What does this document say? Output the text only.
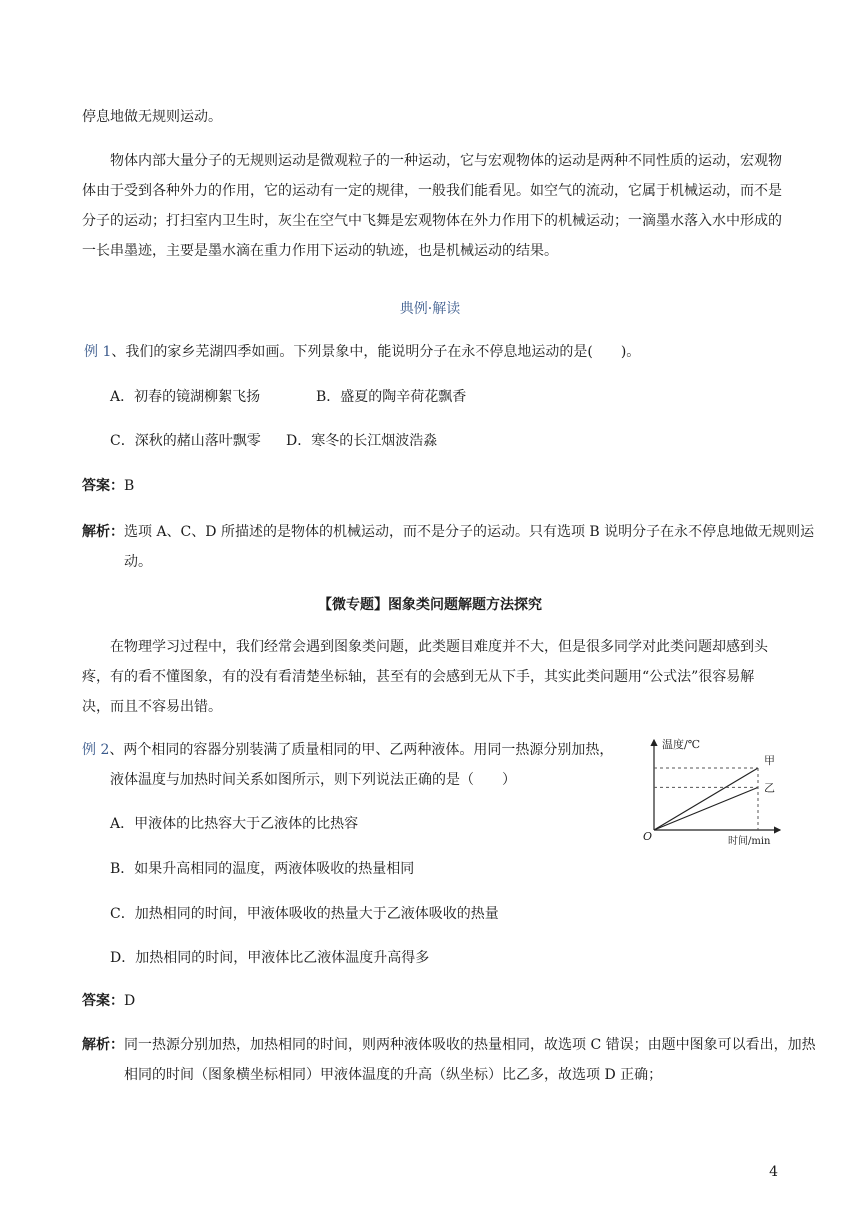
停息地做无规则运动。

物体内部大量分子的无规则运动是微观粒子的一种运动，它与宏观物体的运动是两种不同性质的运动，宏观物体由于受到各种外力的作用，它的运动有一定的规律，一般我们能看见。如空气的流动，它属于机械运动，而不是分子的运动；打扫室内卫生时，灰尘在空气中飞舞是宏观物体在外力作用下的机械运动；一滴墨水落入水中形成的一长串墨迹，主要是墨水滴在重力作用下运动的轨迹，也是机械运动的结果。

典例·解读

例 1、我们的家乡芜湖四季如画。下列景象中，能说明分子在永不停息地运动的是(　　)。
A．初春的镜湖柳絮飞扬	B．盛夏的陶辛荷花飘香
C．深秋的赭山落叶飘零 D．寒冬的长江烟波浩淼
答案：B

解析：选项 A、C、D 所描述的是物体的机械运动，而不是分子的运动。只有选项 B 说明分子在永不停息地做无规则运动。

【微专题】图象类问题解题方法探究

在物理学习过程中，我们经常会遇到图象类问题，此类题目难度并不大，但是很多同学对此类问题却感到头疼，有的看不懂图象，有的没有看清楚坐标轴，甚至有的会感到无从下手，其实此类问题用“公式法”很容易解决，而且不容易出错。

例 2、两个相同的容器分别装满了质量相同的甲、乙两种液体。用同一热源分别加热，
液体温度与加热时间关系如图所示，则下列说法正确的是（　　）
A．甲液体的比热容大于乙液体的比热容
B．如果升高相同的温度，两液体吸收的热量相同
C．加热相同的时间，甲液体吸收的热量大于乙液体吸收的热量
D．加热相同的时间，甲液体比乙液体温度升高得多
答案：D

解析：同一热源分别加热，加热相同的时间，则两种液体吸收的热量相同，故选项 C 错误；由题中图象可以看出，加热相同的时间（图象横坐标相同）甲液体温度的升高（纵坐标）比乙多，故选项 D 正确；

温度/℃
时间/min
O
甲
乙
4
